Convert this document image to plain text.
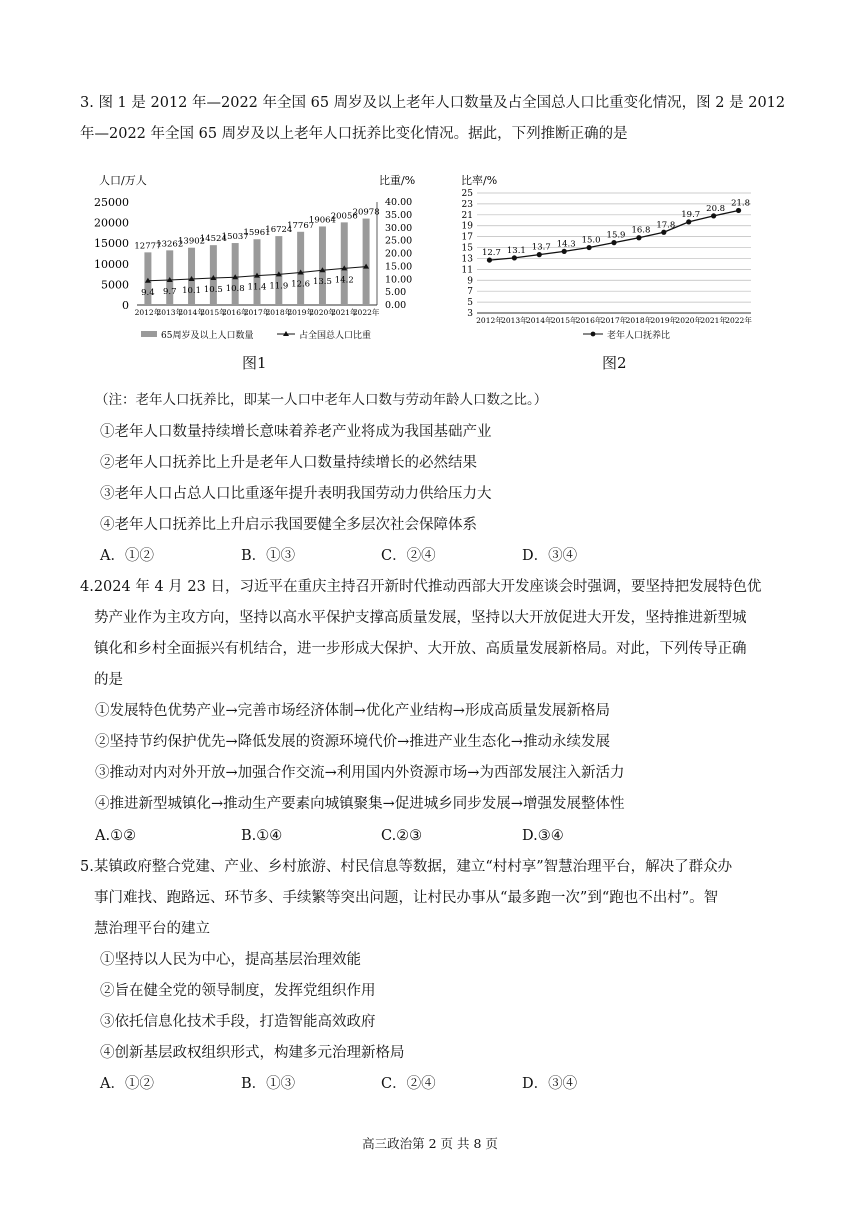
3. 图 1 是 2012 年—2022 年全国 65 周岁及以上老年人口数量及占全国总人口比重变化情况，图 2 是 2012
年—2022 年全国 65 周岁及以上老年人口抚养比变化情况。据此，下列推断正确的是
人口/万人	比重/%
0
5000
10000
15000
20000
25000
0.00
5.00
10.00
15.00
20.00
25.00
30.00
35.00
40.00
12777
2012年
13262
2013年
13902
2014年
14524
2015年
15037
2016年
15961
2017年
16724
2018年
17767
2019年
19064
2020年
20056
2021年
20978
2022年
9.4 9.7 10.1 10.5 10.8 11.4 11.9 12.6 13.5 14.2
65周岁及以上人口数量	占全国总人口比重
图1
比率/%
3
5
7
9
11
13
15
17
19
21
23
25
12.7
2012年
13.1
2013年
13.7
2014年
14.3
2015年
15.0
2016年
15.9
2017年
16.8
2018年
17.8
2019年
19.7
2020年
20.8
2021年
21.8
2022年
老年人口抚养比
图2
（注：老年人口抚养比，即某一人口中老年人口数与劳动年龄人口数之比。）
①老年人口数量持续增长意味着养老产业将成为我国基础产业
②老年人口抚养比上升是老年人口数量持续增长的必然结果
③老年人口占总人口比重逐年提升表明我国劳动力供给压力大
④老年人口抚养比上升启示我国要健全多层次社会保障体系
A．①②	B．①③	C．②④	D．③④
4.2024 年 4 月 23 日，习近平在重庆主持召开新时代推动西部大开发座谈会时强调，要坚持把发展特色优
势产业作为主攻方向，坚持以高水平保护支撑高质量发展，坚持以大开放促进大开发，坚持推进新型城
镇化和乡村全面振兴有机结合，进一步形成大保护、大开放、高质量发展新格局。对此，下列传导正确
的是
①发展特色优势产业→完善市场经济体制→优化产业结构→形成高质量发展新格局
②坚持节约保护优先→降低发展的资源环境代价→推进产业生态化→推动永续发展
③推动对内对外开放→加强合作交流→利用国内外资源市场→为西部发展注入新活力
④推进新型城镇化→推动生产要素向城镇聚集→促进城乡同步发展→增强发展整体性
A.①②	B.①④	C.②③	D.③④
5.某镇政府整合党建、产业、乡村旅游、村民信息等数据，建立“村村享”智慧治理平台，解决了群众办
事门难找、跑路远、环节多、手续繁等突出问题，让村民办事从“最多跑一次”到“跑也不出村”。智
慧治理平台的建立
①坚持以人民为中心，提高基层治理效能
②旨在健全党的领导制度，发挥党组织作用
③依托信息化技术手段，打造智能高效政府
④创新基层政权组织形式，构建多元治理新格局
A．①②	B．①③	C．②④	D．③④
高三政治第 2 页 共 8 页
